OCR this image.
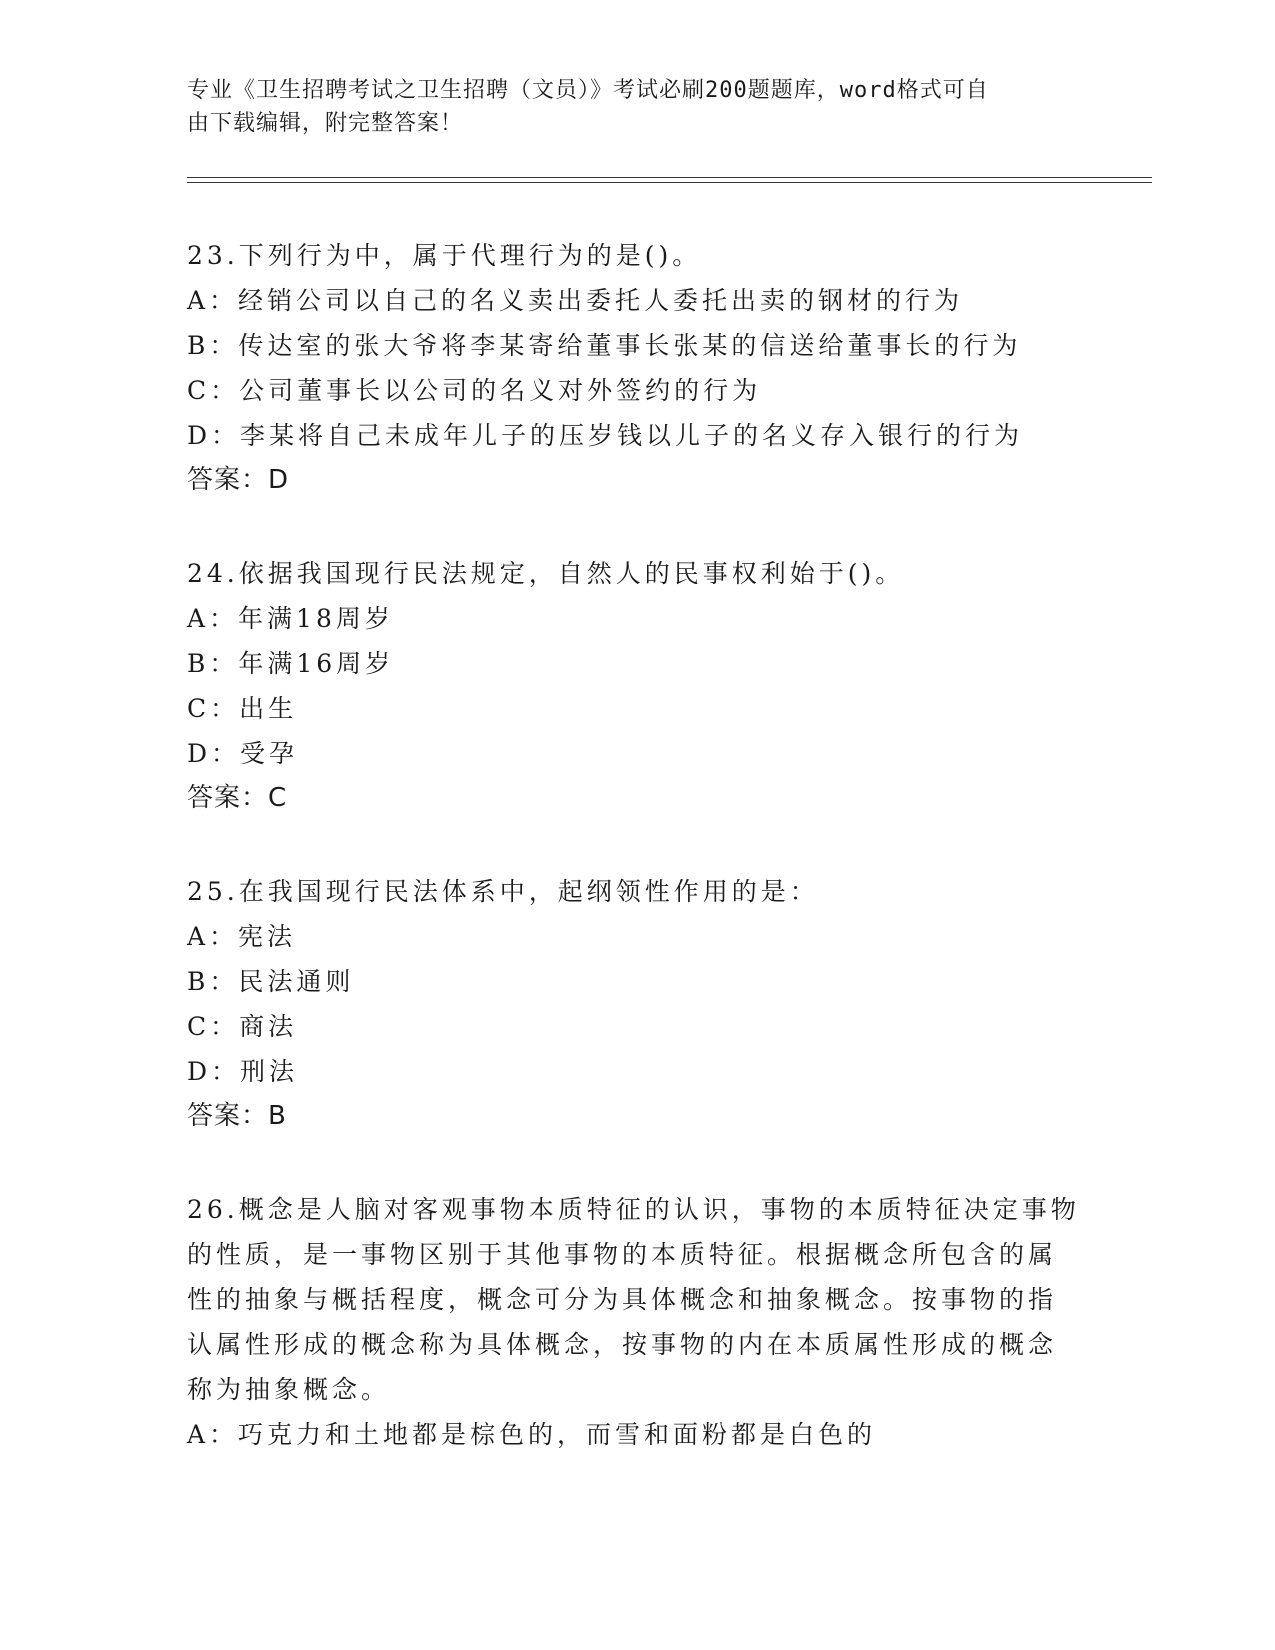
专业《卫生招聘考试之卫生招聘（文员）》考试必刷200题题库，word格式可自
由下载编辑，附完整答案！
23.下列行为中，属于代理行为的是()。
A：经销公司以自己的名义卖出委托人委托出卖的钢材的行为
B：传达室的张大爷将李某寄给董事长张某的信送给董事长的行为
C：公司董事长以公司的名义对外签约的行为
D：李某将自己未成年儿子的压岁钱以儿子的名义存入银行的行为
答案：D
24.依据我国现行民法规定，自然人的民事权利始于()。
A：年满18周岁
B：年满16周岁
C：出生
D：受孕
答案：C
25.在我国现行民法体系中，起纲领性作用的是：
A：宪法
B：民法通则
C：商法
D：刑法
答案：B
26.概念是人脑对客观事物本质特征的认识，事物的本质特征决定事物
的性质，是一事物区别于其他事物的本质特征。根据概念所包含的属
性的抽象与概括程度，概念可分为具体概念和抽象概念。按事物的指
认属性形成的概念称为具体概念，按事物的内在本质属性形成的概念
称为抽象概念。
A：巧克力和土地都是棕色的，而雪和面粉都是白色的
